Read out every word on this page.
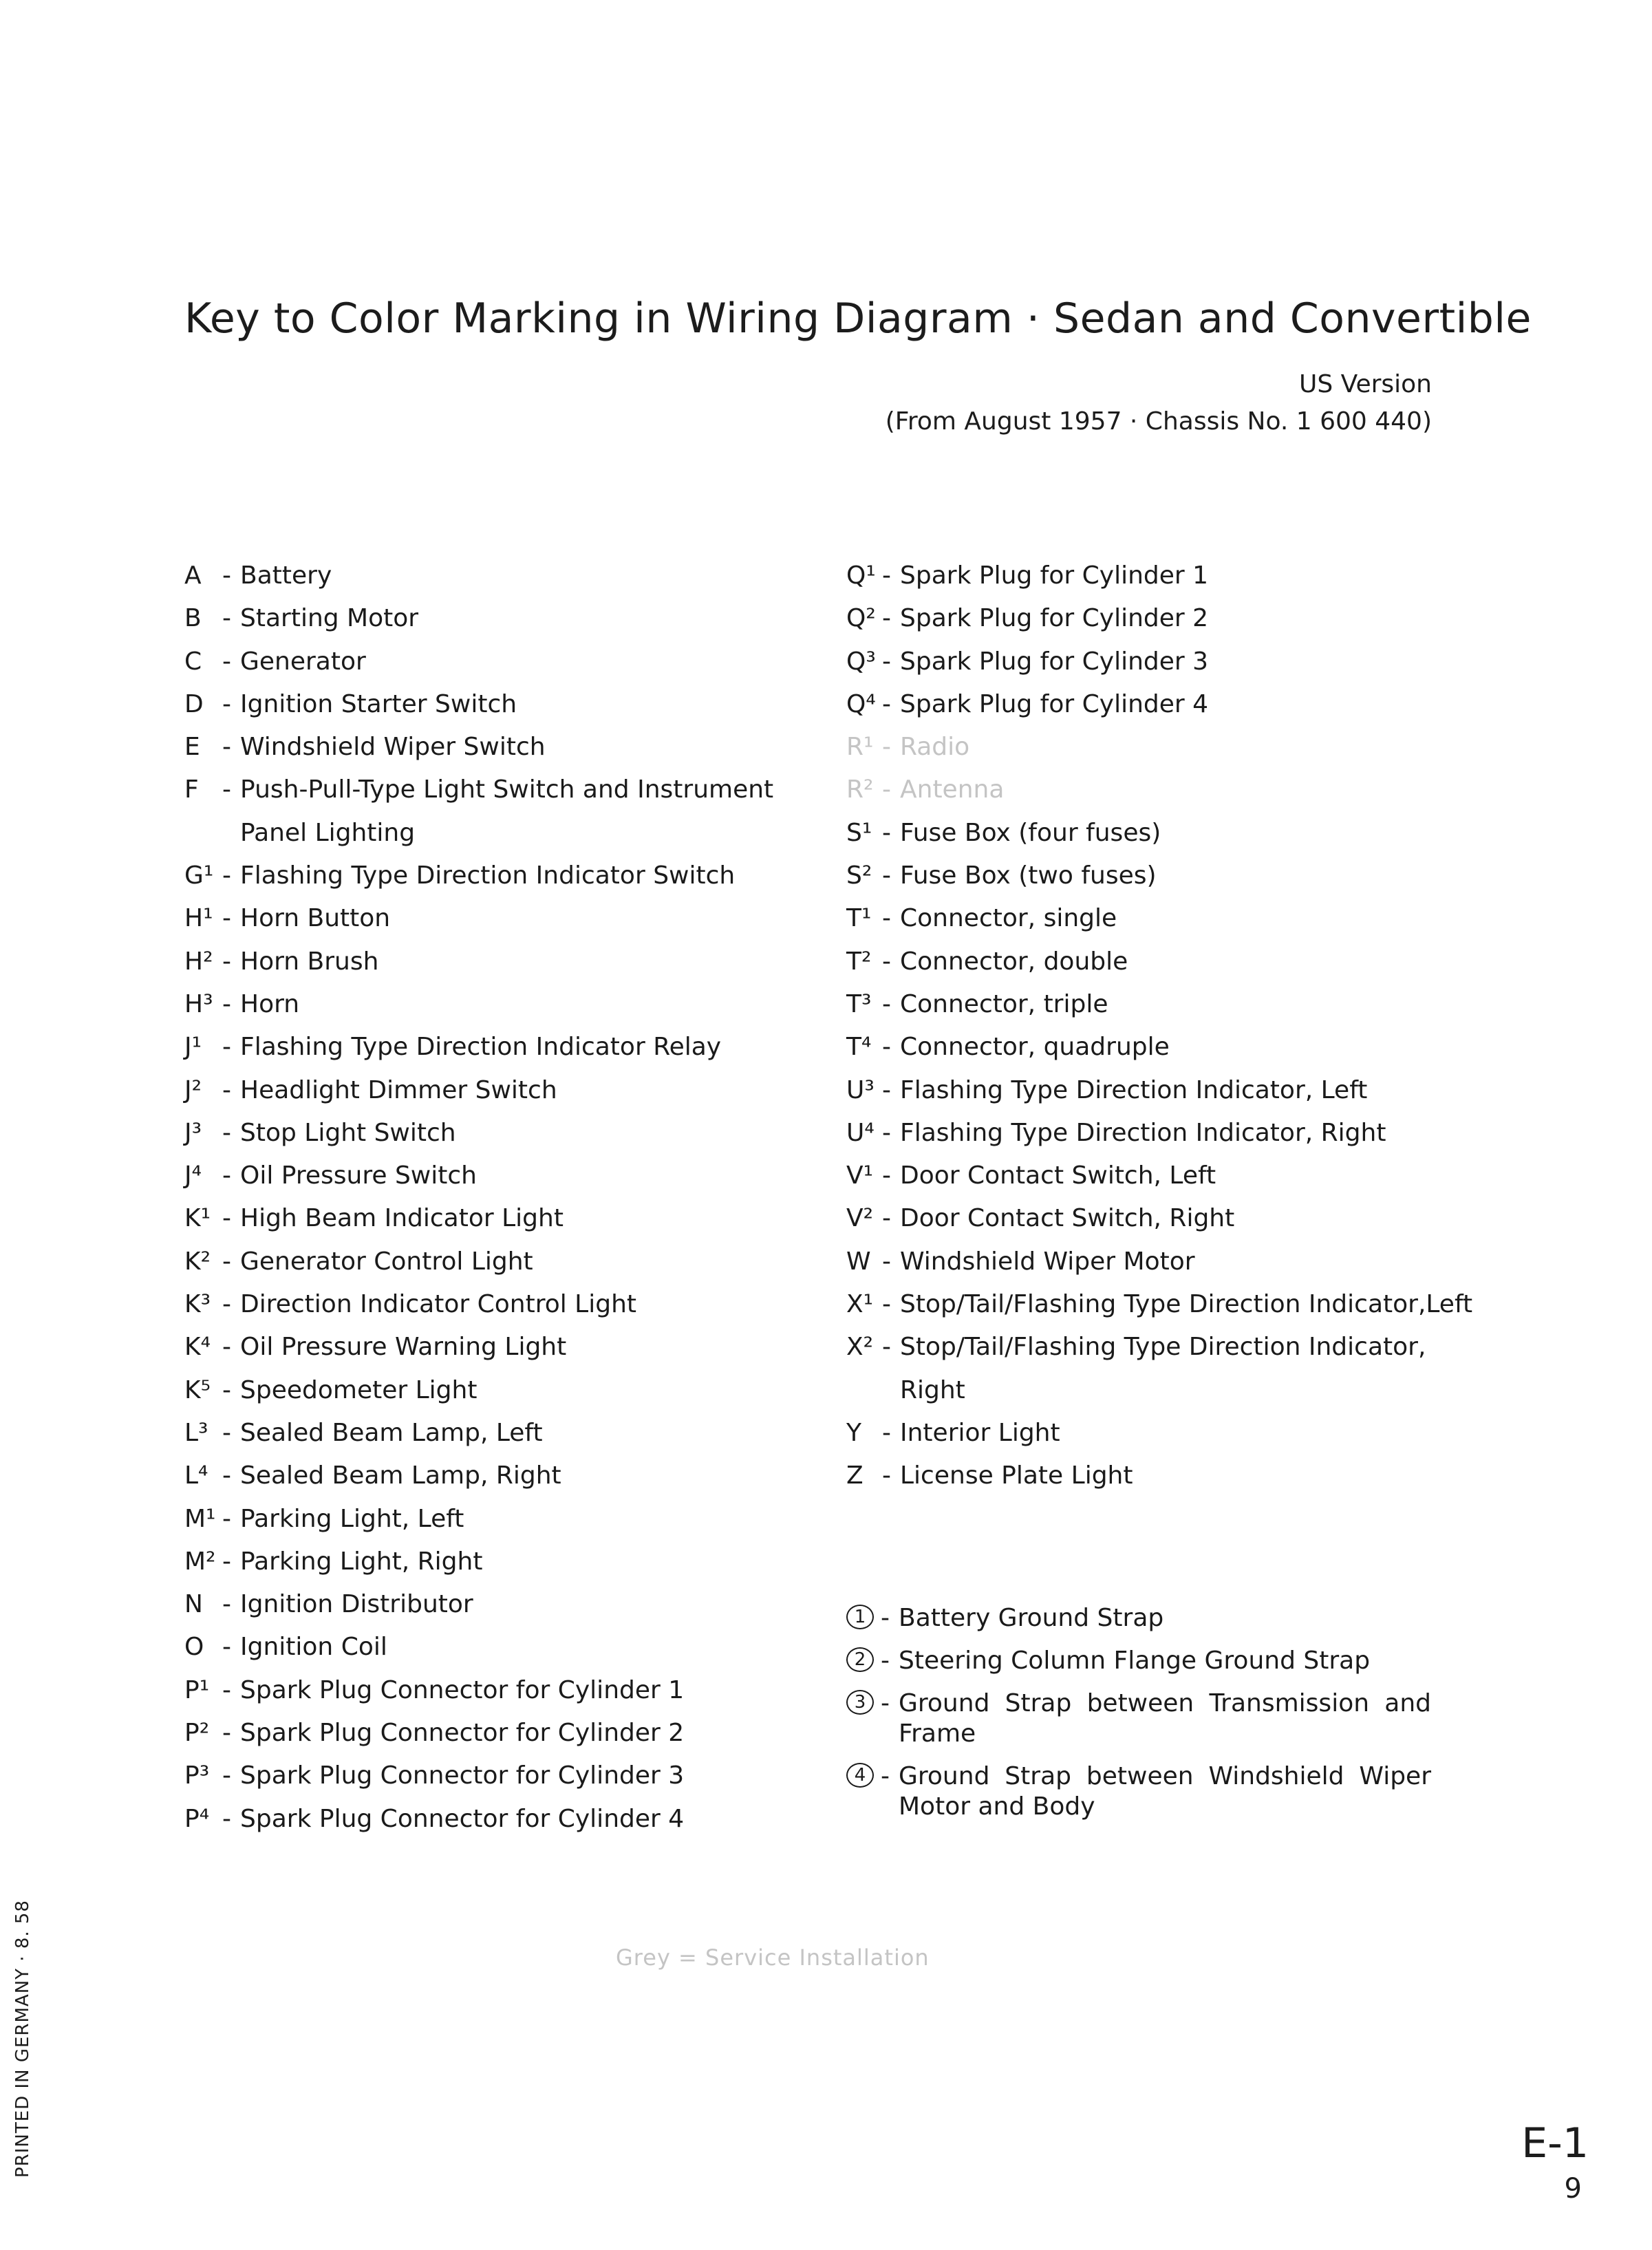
Key to Color Marking in Wiring Diagram · Sedan and Convertible
US Version
(From August 1957 · Chassis No. 1 600 440)
A - Battery
B - Starting Motor
C - Generator
D - Ignition Starter Switch
E - Windshield Wiper Switch
F - Push-Pull-Type Light Switch and Instrument
Panel Lighting
G¹ - Flashing Type Direction Indicator Switch
H¹ - Horn Button
H² - Horn Brush
H³ - Horn
J¹ - Flashing Type Direction Indicator Relay
J² - Headlight Dimmer Switch
J³ - Stop Light Switch
J⁴ - Oil Pressure Switch
K¹ - High Beam Indicator Light
K² - Generator Control Light
K³ - Direction Indicator Control Light
K⁴ - Oil Pressure Warning Light
K⁵ - Speedometer Light
L³ - Sealed Beam Lamp, Left
L⁴ - Sealed Beam Lamp, Right
M¹ - Parking Light, Left
M² - Parking Light, Right
N - Ignition Distributor
O - Ignition Coil
P¹ - Spark Plug Connector for Cylinder 1
P² - Spark Plug Connector for Cylinder 2
P³ - Spark Plug Connector for Cylinder 3
P⁴ - Spark Plug Connector for Cylinder 4
Q¹ - Spark Plug for Cylinder 1
Q² - Spark Plug for Cylinder 2
Q³ - Spark Plug for Cylinder 3
Q⁴ - Spark Plug for Cylinder 4
R¹ - Radio
R² - Antenna
S¹ - Fuse Box (four fuses)
S² - Fuse Box (two fuses)
T¹ - Connector, single
T² - Connector, double
T³ - Connector, triple
T⁴ - Connector, quadruple
U³ - Flashing Type Direction Indicator, Left
U⁴ - Flashing Type Direction Indicator, Right
V¹ - Door Contact Switch, Left
V² - Door Contact Switch, Right
W - Windshield Wiper Motor
X¹ - Stop/Tail/Flashing Type Direction Indicator,Left
X² - Stop/Tail/Flashing Type Direction Indicator,
Right
Y - Interior Light
Z - License Plate Light
1 - Battery Ground Strap
2 - Steering Column Flange Ground Strap
3 - Ground Strap between Transmission and Frame
4 - Ground Strap between Windshield Wiper Motor and Body
Grey = Service Installation
PRINTED IN GERMANY · 8. 58	E-1
9
